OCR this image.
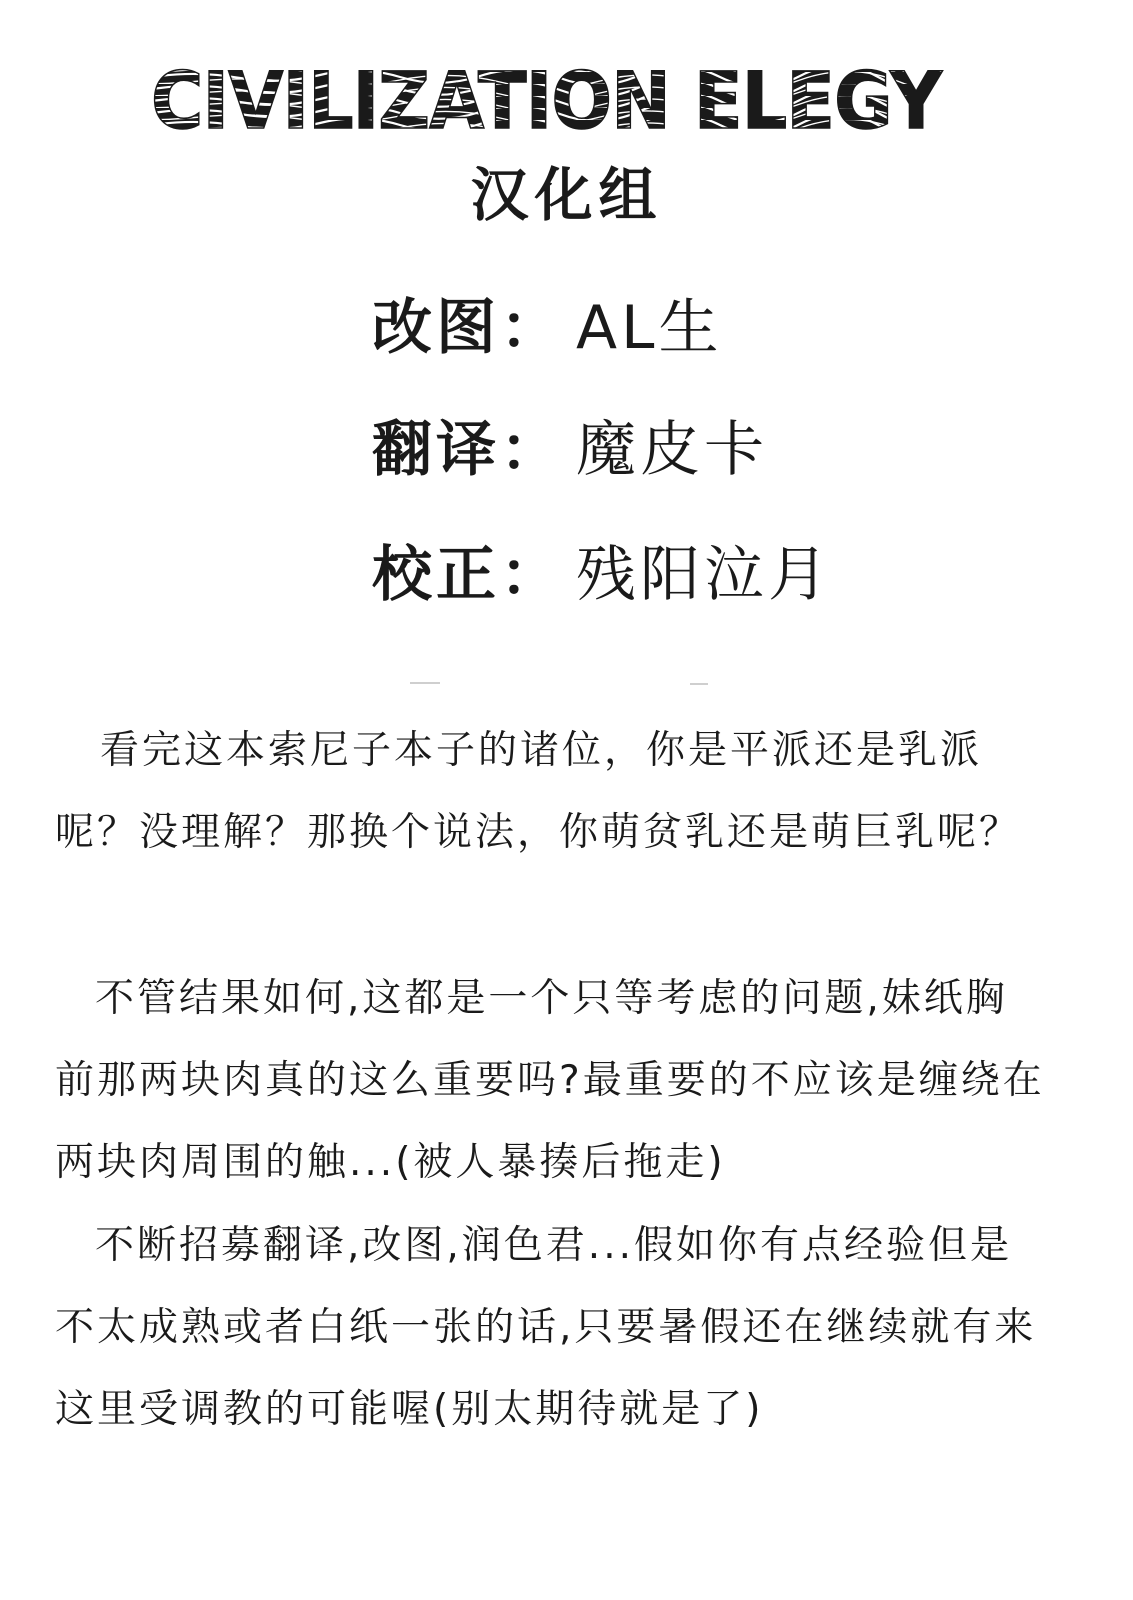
CIVILIZATION ELEGY
汉化组
改图： AL生
翻译： 魔皮卡
校正： 残阳泣月

看完这本索尼子本子的诸位，你是平派还是乳派呢？没理解？那换个说法，你萌贫乳还是萌巨乳呢？

不管结果如何,这都是一个只等考虑的问题,妹纸胸前那两块肉真的这么重要吗?最重要的不应该是缠绕在两块肉周围的触...(被人暴揍后拖走)

不断招募翻译,改图,润色君...假如你有点经验但是不太成熟或者白纸一张的话,只要暑假还在继续就有来这里受调教的可能喔(别太期待就是了)
